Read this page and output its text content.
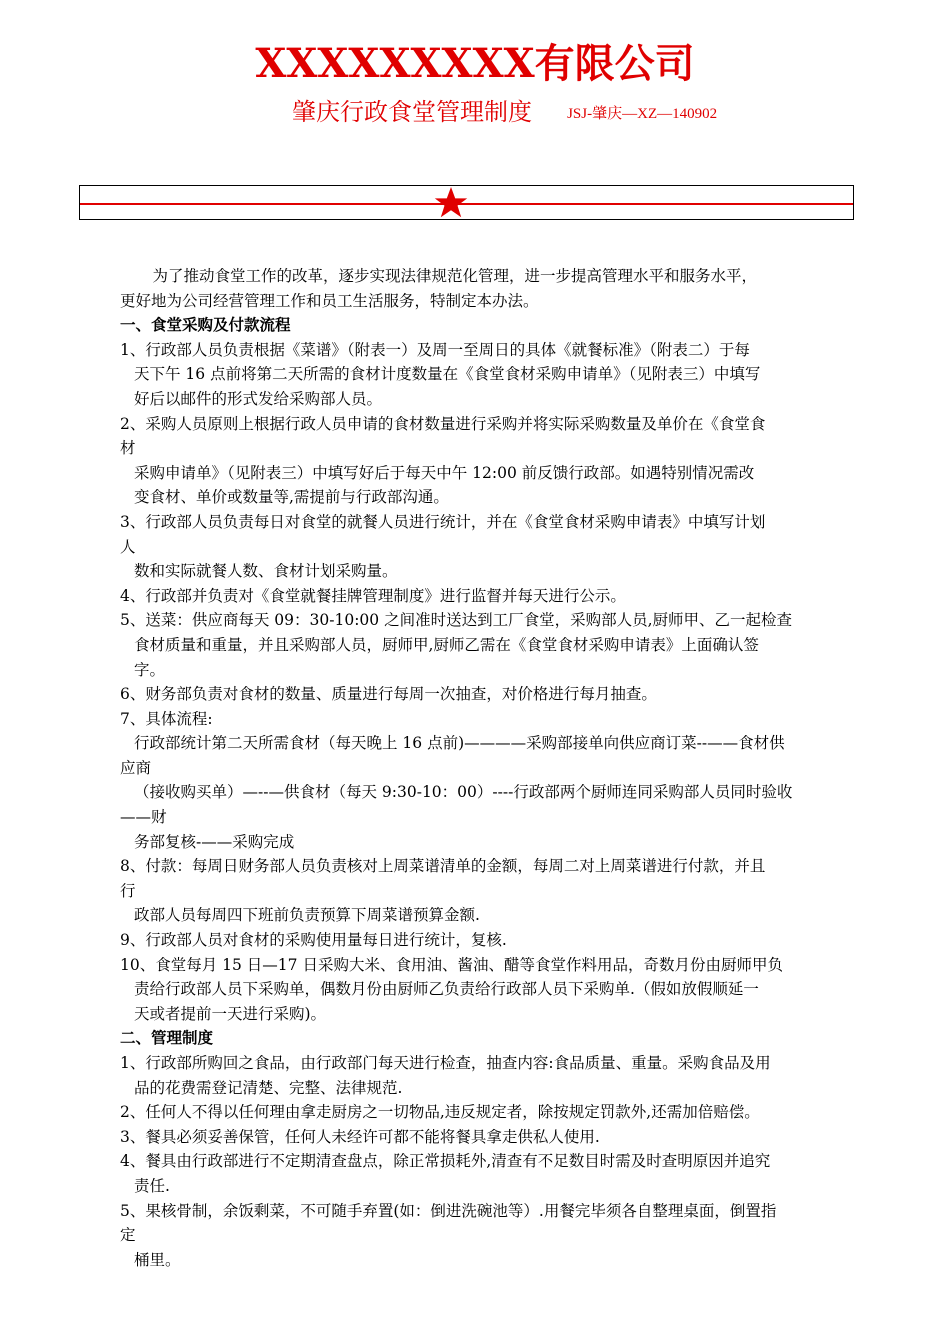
XXXXXXXXX有限公司
肇庆行政食堂管理制度 JSJ-肇庆—XZ—140902

为了推动食堂工作的改革，逐步实现法律规范化管理，进一步提高管理水平和服务水平，

更好地为公司经营管理工作和员工生活服务，特制定本办法。

一、食堂采购及付款流程

1、行政部人员负责根据《菜谱》（附表一）及周一至周日的具体《就餐标准》（附表二）于每

天下午 16 点前将第二天所需的食材计度数量在《食堂食材采购申请单》（见附表三）中填写

好后以邮件的形式发给采购部人员。

2、采购人员原则上根据行政人员申请的食材数量进行采购并将实际采购数量及单价在《食堂食

材

采购申请单》（见附表三）中填写好后于每天中午 12:00 前反馈行政部。如遇特别情况需改

变食材、单价或数量等,需提前与行政部沟通。

3、行政部人员负责每日对食堂的就餐人员进行统计，并在《食堂食材采购申请表》中填写计划

人

数和实际就餐人数、食材计划采购量。

4、行政部并负责对《食堂就餐挂牌管理制度》进行监督并每天进行公示。

5、送菜：供应商每天 09：30-10:00 之间准时送达到工厂食堂，采购部人员,厨师甲、乙一起检查

食材质量和重量，并且采购部人员，厨师甲,厨师乙需在《食堂食材采购申请表》上面确认签

字。

6、财务部负责对食材的数量、质量进行每周一次抽查，对价格进行每月抽查。

7、具体流程:

行政部统计第二天所需食材（每天晚上 16 点前)————采购部接单向供应商订菜--——食材供

应商

（接收购买单）—--—供食材（每天 9:30-10：00）----行政部两个厨师连同采购部人员同时验收

——财

务部复核-——采购完成

8、付款：每周日财务部人员负责核对上周菜谱清单的金额，每周二对上周菜谱进行付款，并且

行

政部人员每周四下班前负责预算下周菜谱预算金额.

9、行政部人员对食材的采购使用量每日进行统计，复核.

10、食堂每月 15 日—17 日采购大米、食用油、酱油、醋等食堂作料用品，奇数月份由厨师甲负

责给行政部人员下采购单，偶数月份由厨师乙负责给行政部人员下采购单.（假如放假顺延一

天或者提前一天进行采购)。

二、管理制度

1、行政部所购回之食品，由行政部门每天进行检查，抽查内容:食品质量、重量。采购食品及用

品的花费需登记清楚、完整、法律规范.

2、任何人不得以任何理由拿走厨房之一切物品,违反规定者，除按规定罚款外,还需加倍赔偿。

3、餐具必须妥善保管，任何人未经许可都不能将餐具拿走供私人使用.

4、餐具由行政部进行不定期清查盘点，除正常损耗外,清查有不足数目时需及时查明原因并追究

责任.

5、果核骨制，余饭剩菜，不可随手弃置(如：倒进洗碗池等）.用餐完毕须各自整理桌面，倒置指

定

桶里。
